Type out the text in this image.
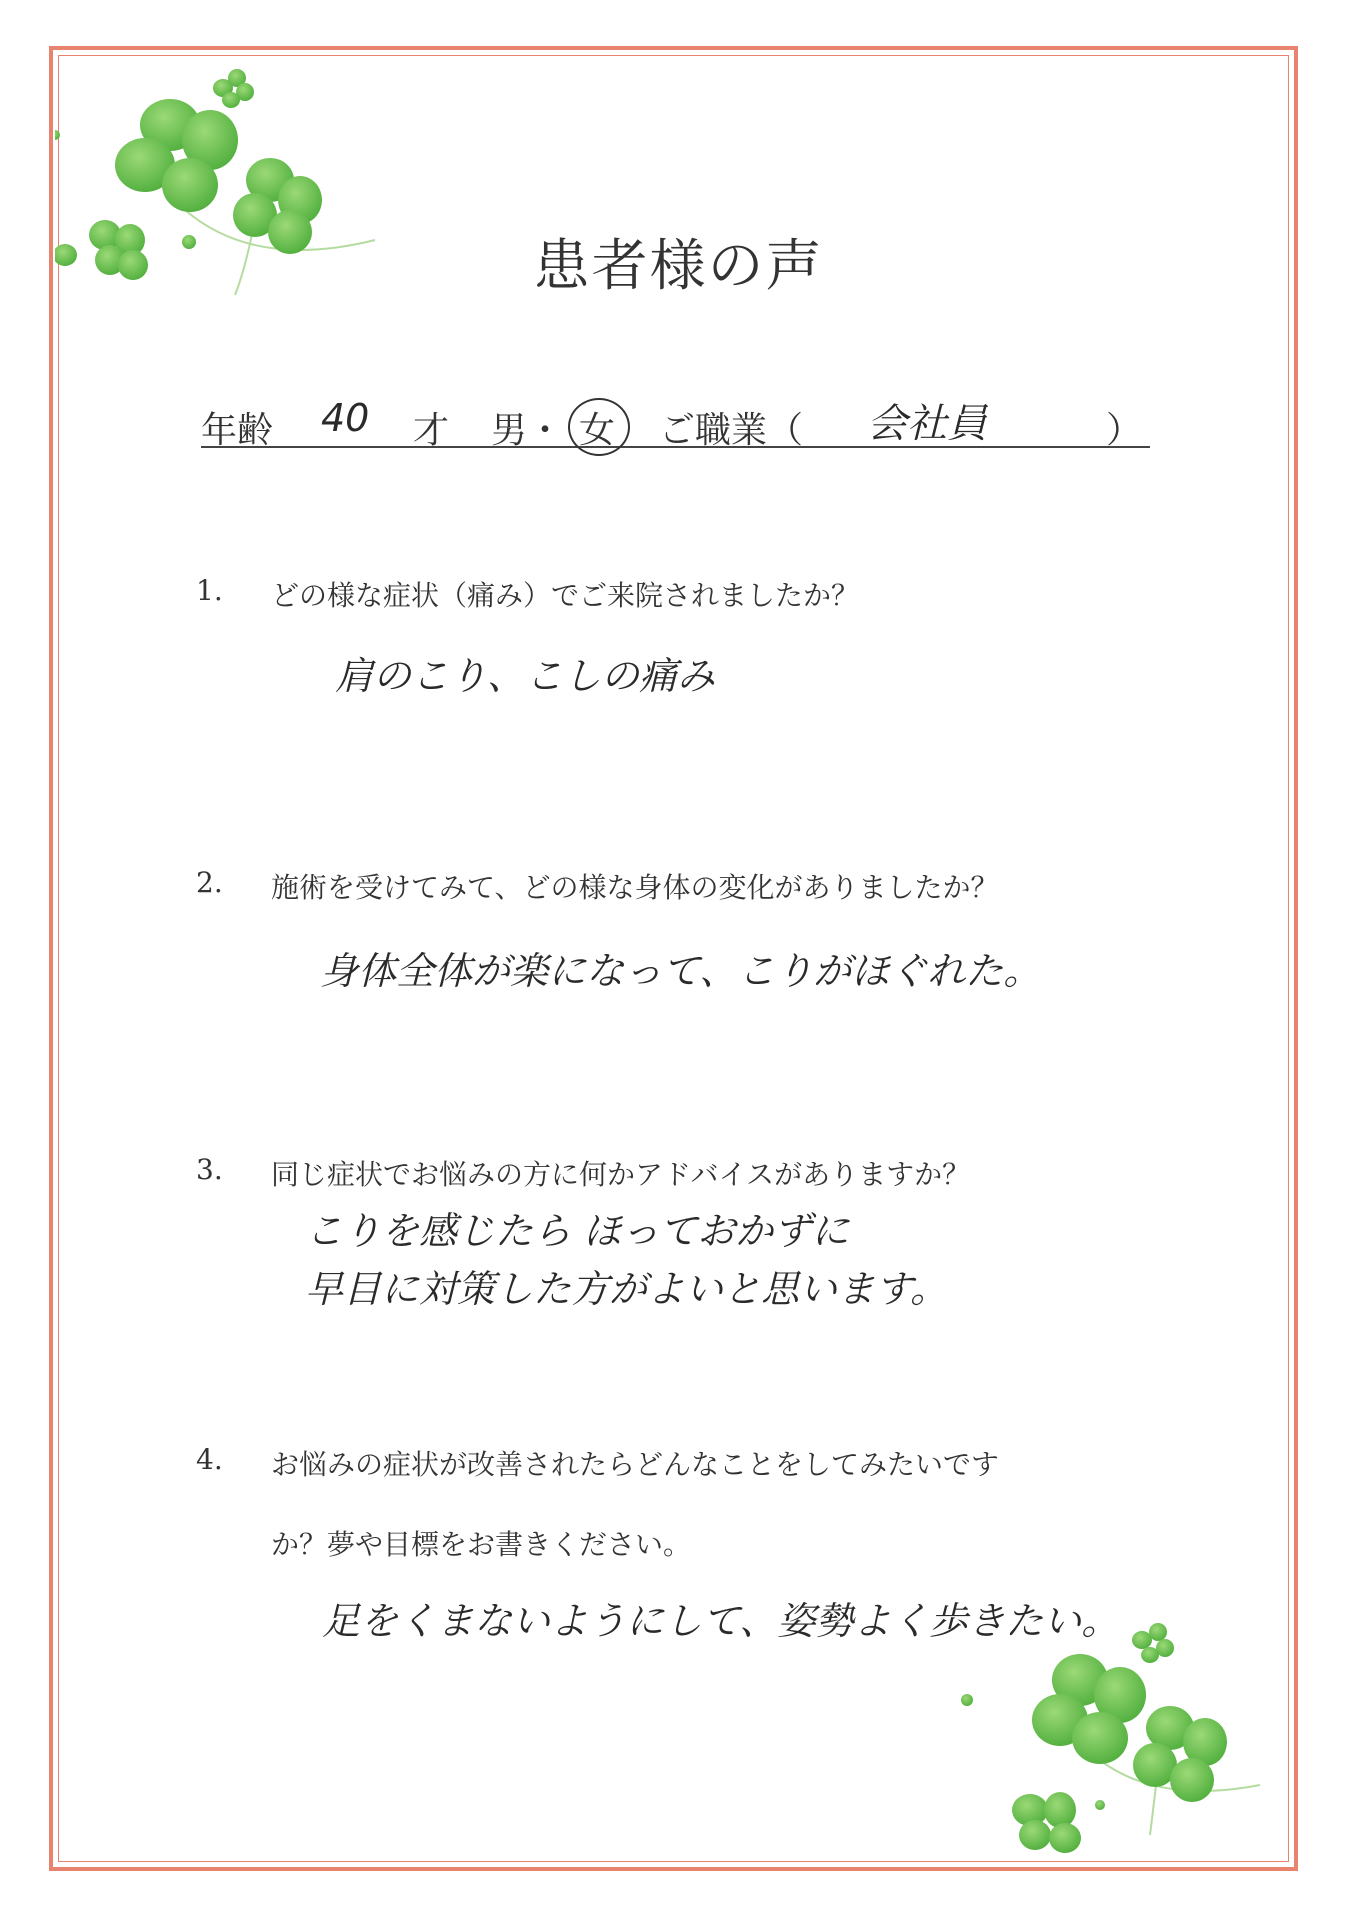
患者様の声
年齢 40 才 男・ 女 ご職業（ 会社員	）
1. どの様な症状（痛み）でご来院されましたか？
肩のこり、こしの痛み
2. 施術を受けてみて、どの様な身体の変化がありましたか？
身体全体が楽になって、こりがほぐれた。
3. 同じ症状でお悩みの方に何かアドバイスがありますか？
こりを感じたら ほっておかずに
早目に対策した方がよいと思います。
4. お悩みの症状が改善されたらどんなことをしてみたいです
か？夢や目標をお書きください。
足をくまないようにして、姿勢よく歩きたい。
